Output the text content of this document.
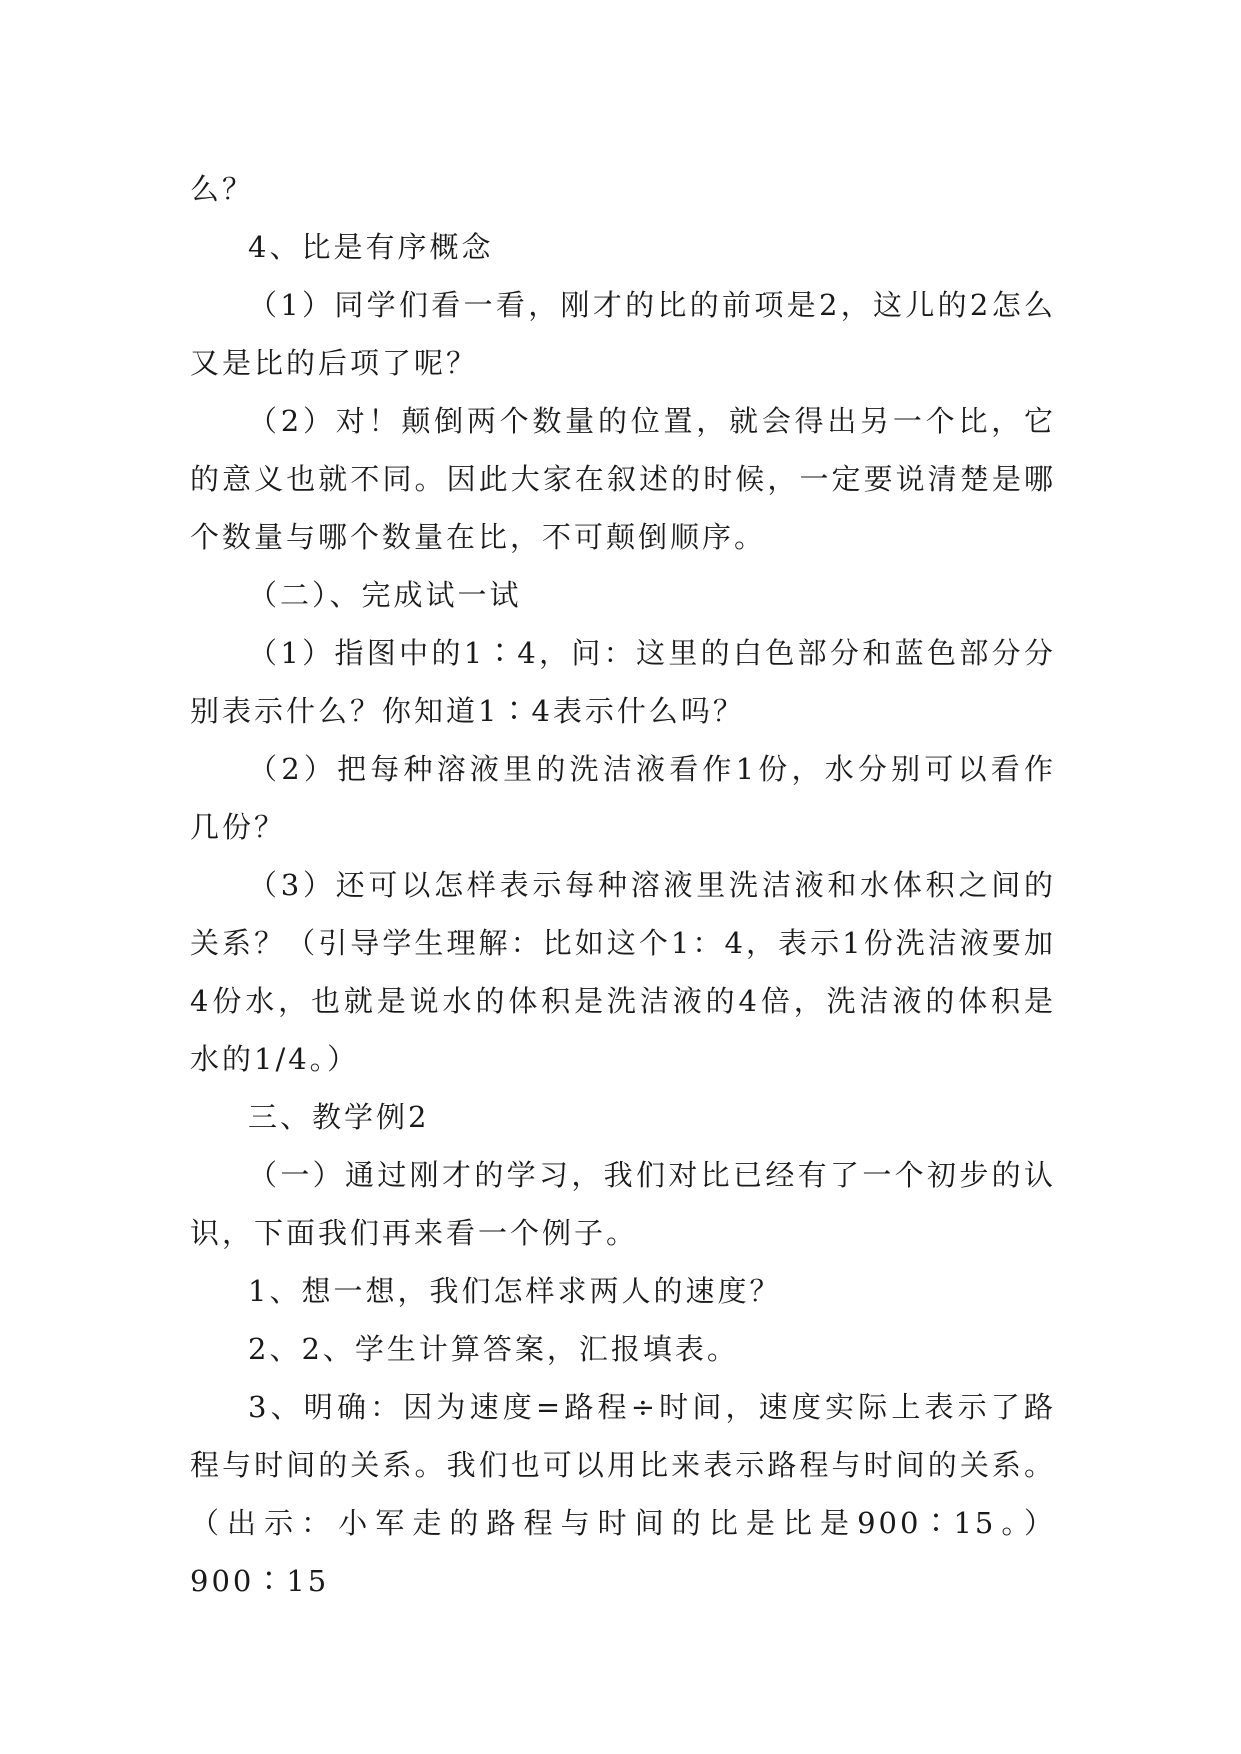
么？

4、比是有序概念

（1）同学们看一看，刚才的比的前项是2，这儿的2怎么又是比的后项了呢？

（2）对！颠倒两个数量的位置，就会得出另一个比，它的意义也就不同。因此大家在叙述的时候，一定要说清楚是哪个数量与哪个数量在比，不可颠倒顺序。

（二）、完成试一试

（1）指图中的1∶4，问：这里的白色部分和蓝色部分分别表示什么？你知道1∶4表示什么吗？

（2）把每种溶液里的洗洁液看作1份，水分别可以看作几份？

（3）还可以怎样表示每种溶液里洗洁液和水体积之间的关系？（引导学生理解：比如这个1：4，表示1份洗洁液要加4份水，也就是说水的体积是洗洁液的4倍，洗洁液的体积是水的1/4。）

三、教学例2

（一）通过刚才的学习，我们对比已经有了一个初步的认识，下面我们再来看一个例子。

1、想一想，我们怎样求两人的速度？

2、2、学生计算答案，汇报填表。

3、明确：因为速度=路程÷时间，速度实际上表示了路程与时间的关系。我们也可以用比来表示路程与时间的关系。（出示：小军走的路程与时间的比是比是900∶15。）900∶15
